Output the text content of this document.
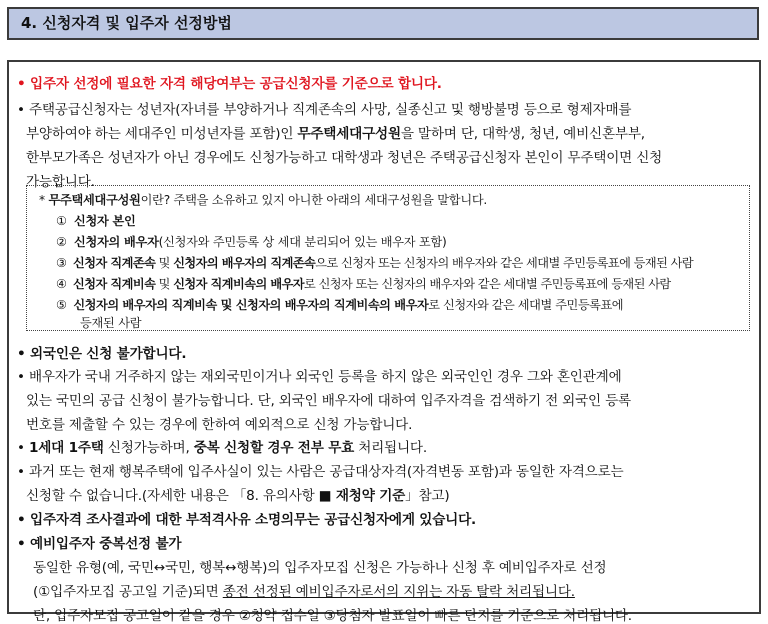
4. 신청자격 및 입주자 선정방법
• 입주자 선정에 필요한 자격 해당여부는 공급신청자를 기준으로 합니다.
• 주택공급신청자는 성년자(자녀를 부양하거나 직계존속의 사망, 실종신고 및 행방불명 등으로 형제자매를
부양하여야 하는 세대주인 미성년자를 포함)인 무주택세대구성원을 말하며 단, 대학생, 청년, 예비신혼부부,
한부모가족은 성년자가 아닌 경우에도 신청가능하고 대학생과 청년은 주택공급신청자 본인이 무주택이면 신청
가능합니다.
* 무주택세대구성원이란? 주택을 소유하고 있지 아니한 아래의 세대구성원을 말합니다.
① 신청자 본인
② 신청자의 배우자(신청자와 주민등록 상 세대 분리되어 있는 배우자 포함)
③ 신청자 직계존속 및 신청자의 배우자의 직계존속으로 신청자 또는 신청자의 배우자와 같은 세대별 주민등록표에 등재된 사람
④ 신청자 직계비속 및 신청자 직계비속의 배우자로 신청자 또는 신청자의 배우자와 같은 세대별 주민등록표에 등재된 사람
⑤ 신청자의 배우자의 직계비속 및 신청자의 배우자의 직계비속의 배우자로 신청자와 같은 세대별 주민등록표에
등재된 사람
• 외국인은 신청 불가합니다.
• 배우자가 국내 거주하지 않는 재외국민이거나 외국인 등록을 하지 않은 외국인인 경우 그와 혼인관계에
있는 국민의 공급 신청이 불가능합니다. 단, 외국인 배우자에 대하여 입주자격을 검색하기 전 외국인 등록
번호를 제출할 수 있는 경우에 한하여 예외적으로 신청 가능합니다.
• 1세대 1주택 신청가능하며, 중복 신청할 경우 전부 무효 처리됩니다.
• 과거 또는 현재 행복주택에 입주사실이 있는 사람은 공급대상자격(자격변동 포함)과 동일한 자격으로는
신청할 수 없습니다.(자세한 내용은 「8. 유의사항 ■ 재청약 기준」참고)
• 입주자격 조사결과에 대한 부적격사유 소명의무는 공급신청자에게 있습니다.
• 예비입주자 중복선정 불가
동일한 유형(예, 국민↔국민, 행복↔행복)의 입주자모집 신청은 가능하나 신청 후 예비입주자로 선정
(①입주자모집 공고일 기준)되면 종전 선정된 예비입주자로서의 지위는 자동 탈락 처리됩니다.
단, 입주자모집 공고일이 같을 경우 ②청약 접수일 ③당첨자 발표일이 빠른 단지를 기준으로 처리됩니다.
